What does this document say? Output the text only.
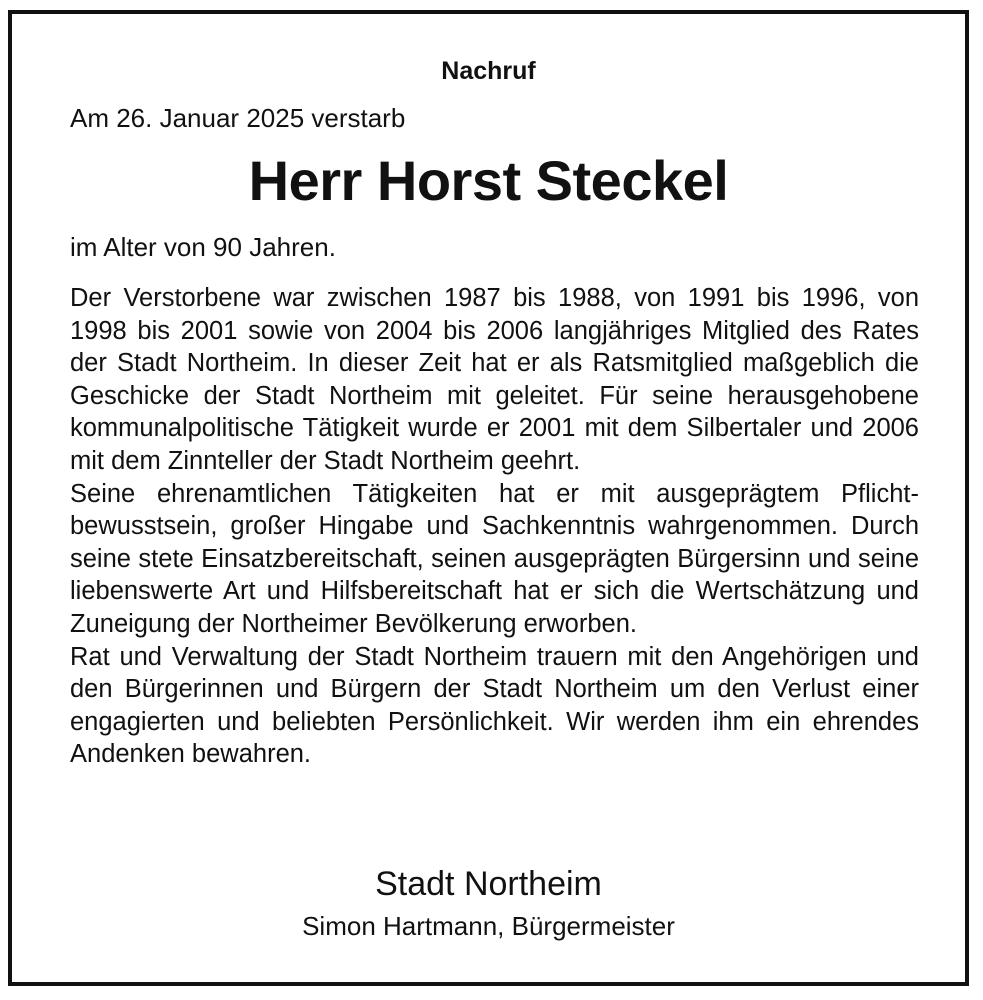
Nachruf
Am 26. Januar 2025 verstarb
Herr Horst Steckel
im Alter von 90 Jahren.

Der Verstorbene war zwischen 1987 bis 1988, von 1991 bis 1996, von 1998 bis 2001 sowie von 2004 bis 2006 langjähriges Mitglied des Rates der Stadt Northeim. In dieser Zeit hat er als Ratsmitglied maßgeblich die Geschicke der Stadt Northeim mit geleitet. Für seine herausgehobene kommunalpolitische Tätigkeit wurde er 2001 mit dem Silbertaler und 2006 mit dem Zinnteller der Stadt Northeim geehrt.

Seine ehrenamtlichen Tätigkeiten hat er mit ausgeprägtem Pflichtbewusstsein, großer Hingabe und Sachkenntnis wahrgenommen. Durch seine stete Einsatzbereitschaft, seinen ausgeprägten Bürgersinn und seine liebenswerte Art und Hilfsbereitschaft hat er sich die Wertschätzung und Zuneigung der Northeimer Bevölkerung erworben.

Rat und Verwaltung der Stadt Northeim trauern mit den Angehörigen und den Bürgerinnen und Bürgern der Stadt Northeim um den Verlust einer engagierten und beliebten Persönlichkeit. Wir werden ihm ein ehrendes Andenken bewahren.

Stadt Northeim
Simon Hartmann, Bürgermeister
